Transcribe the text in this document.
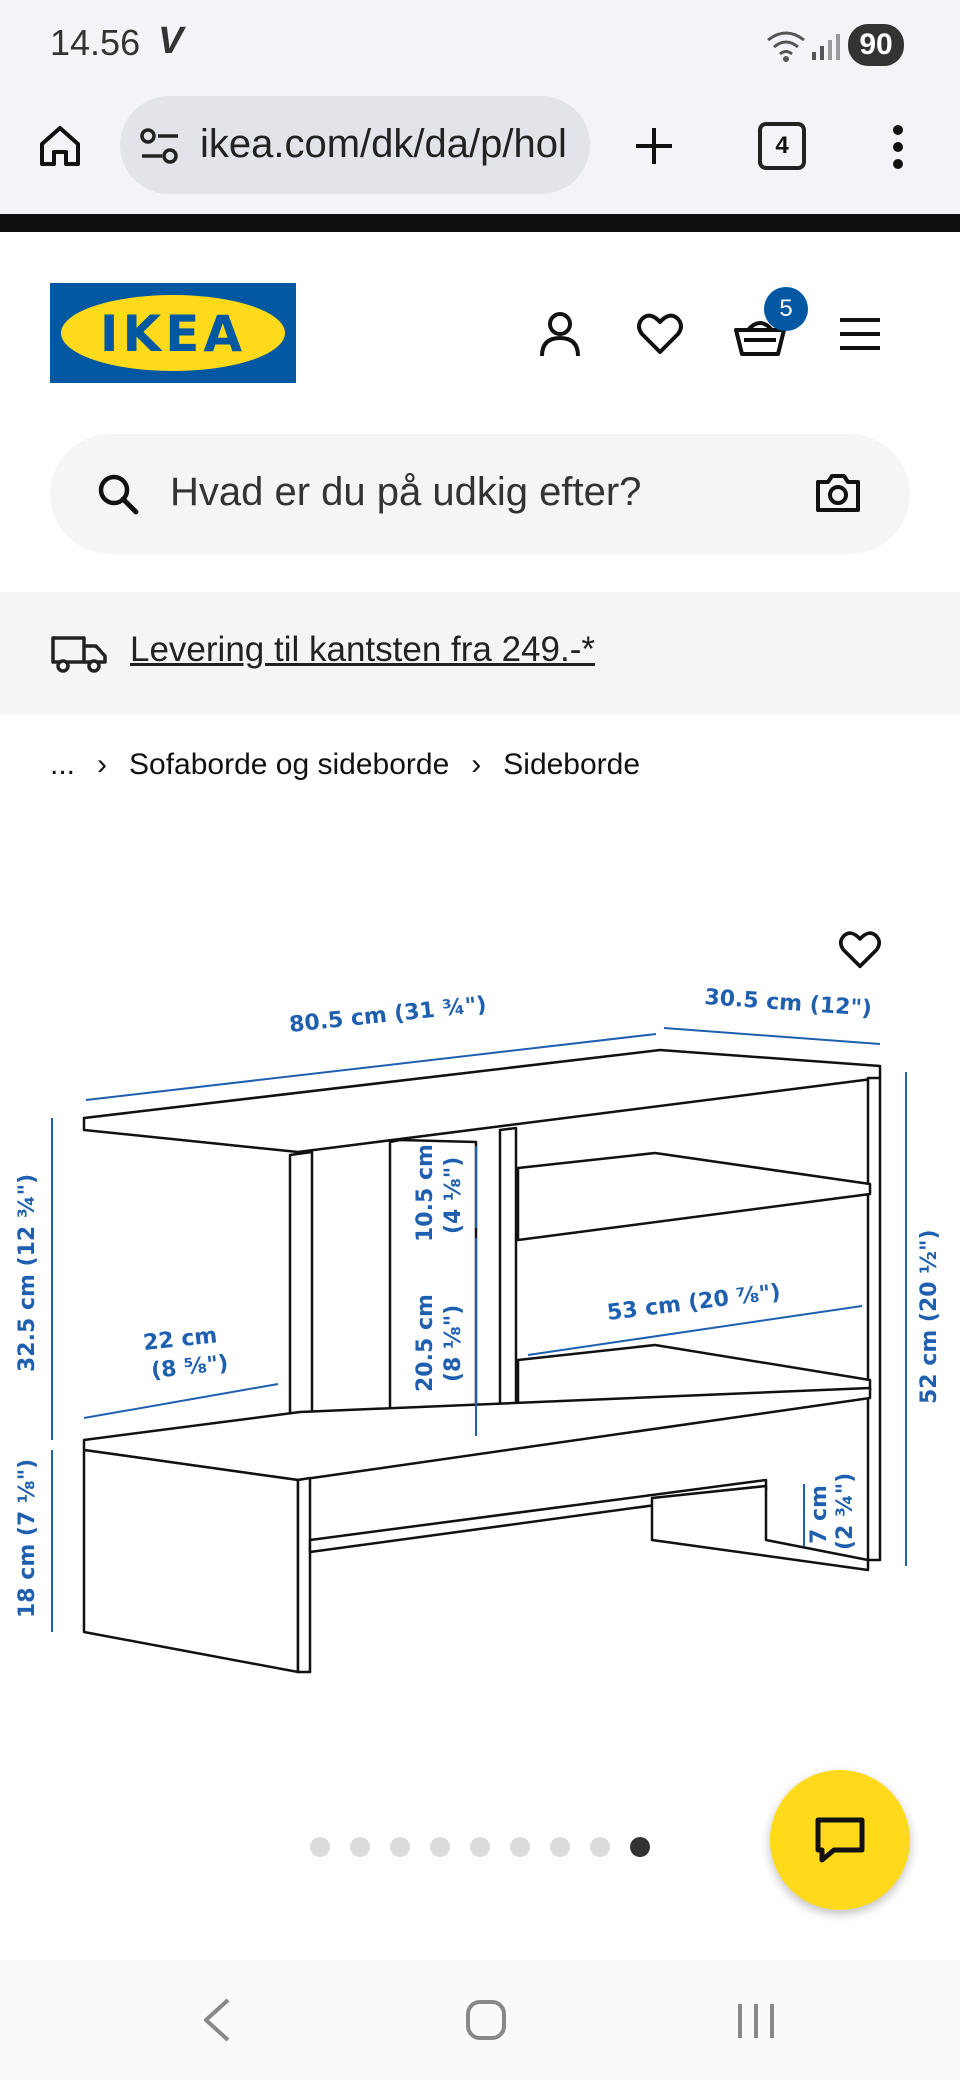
14.56 V	90
ikea.com/dk/da/p/hol	4
IKEA	5
Hvad er du på udkig efter?
Levering til kantsten fra 249.-*
... › Sofaborde og sideborde › Sideborde
80.5 cm (31 ¾")	30.5 cm (12")
32.5 cm (12 ¾")
18 cm (7 ⅛")
52 cm (20 ½")
10.5 cm (4 ⅛")
20.5 cm (8 ⅛")
53 cm (20 ⅞")
22 cm
(8 ⅝")
7 cm (2 ¾")
